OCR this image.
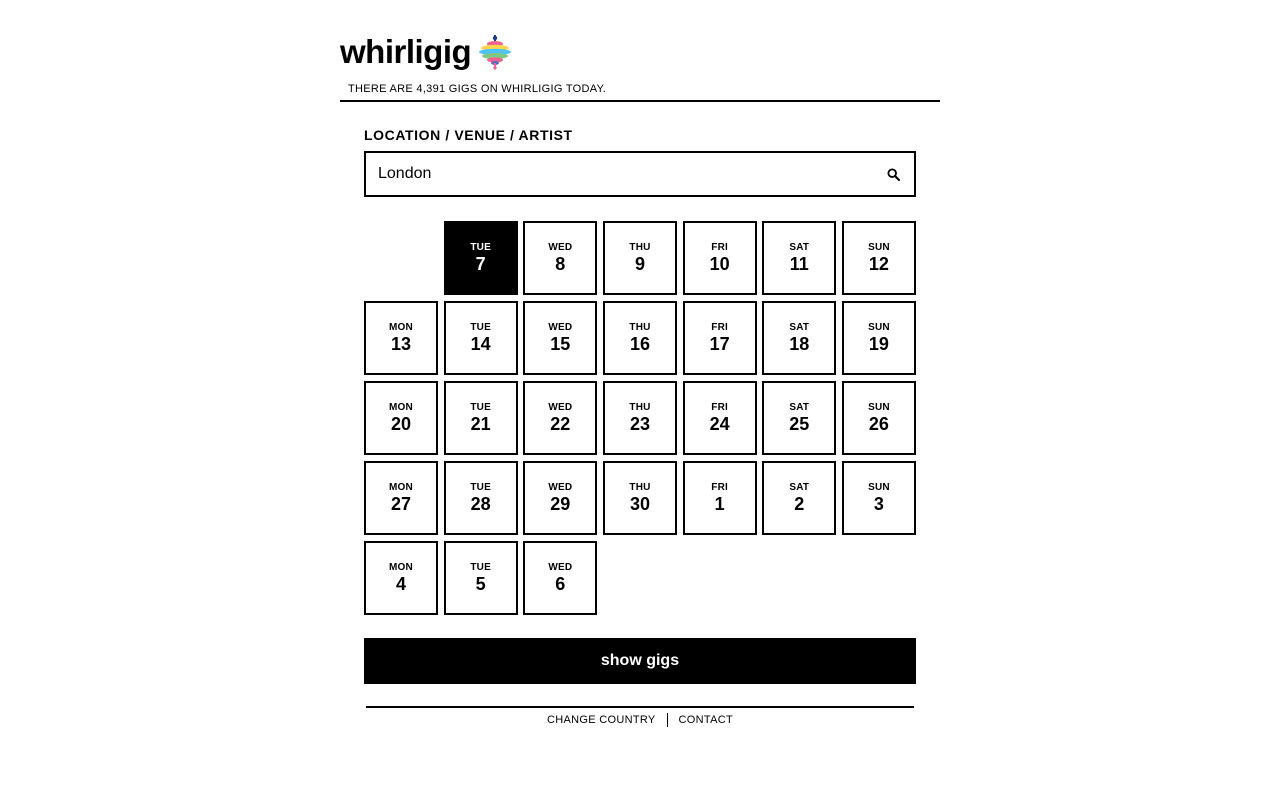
whirligig
THERE ARE 4,391 GIGS ON WHIRLIGIG TODAY.
LOCATION / VENUE / ARTIST
London
TUE
7
WED
8
THU
9
FRI
10
SAT
11
SUN
12
MON
13
TUE
14
WED
15
THU
16
FRI
17
SAT
18
SUN
19
MON
20
TUE
21
WED
22
THU
23
FRI
24
SAT
25
SUN
26
MON
27
TUE
28
WED
29
THU
30
FRI
1
SAT
2
SUN
3
MON
4
TUE
5
WED
6
show gigs
CHANGE COUNTRY CONTACT
